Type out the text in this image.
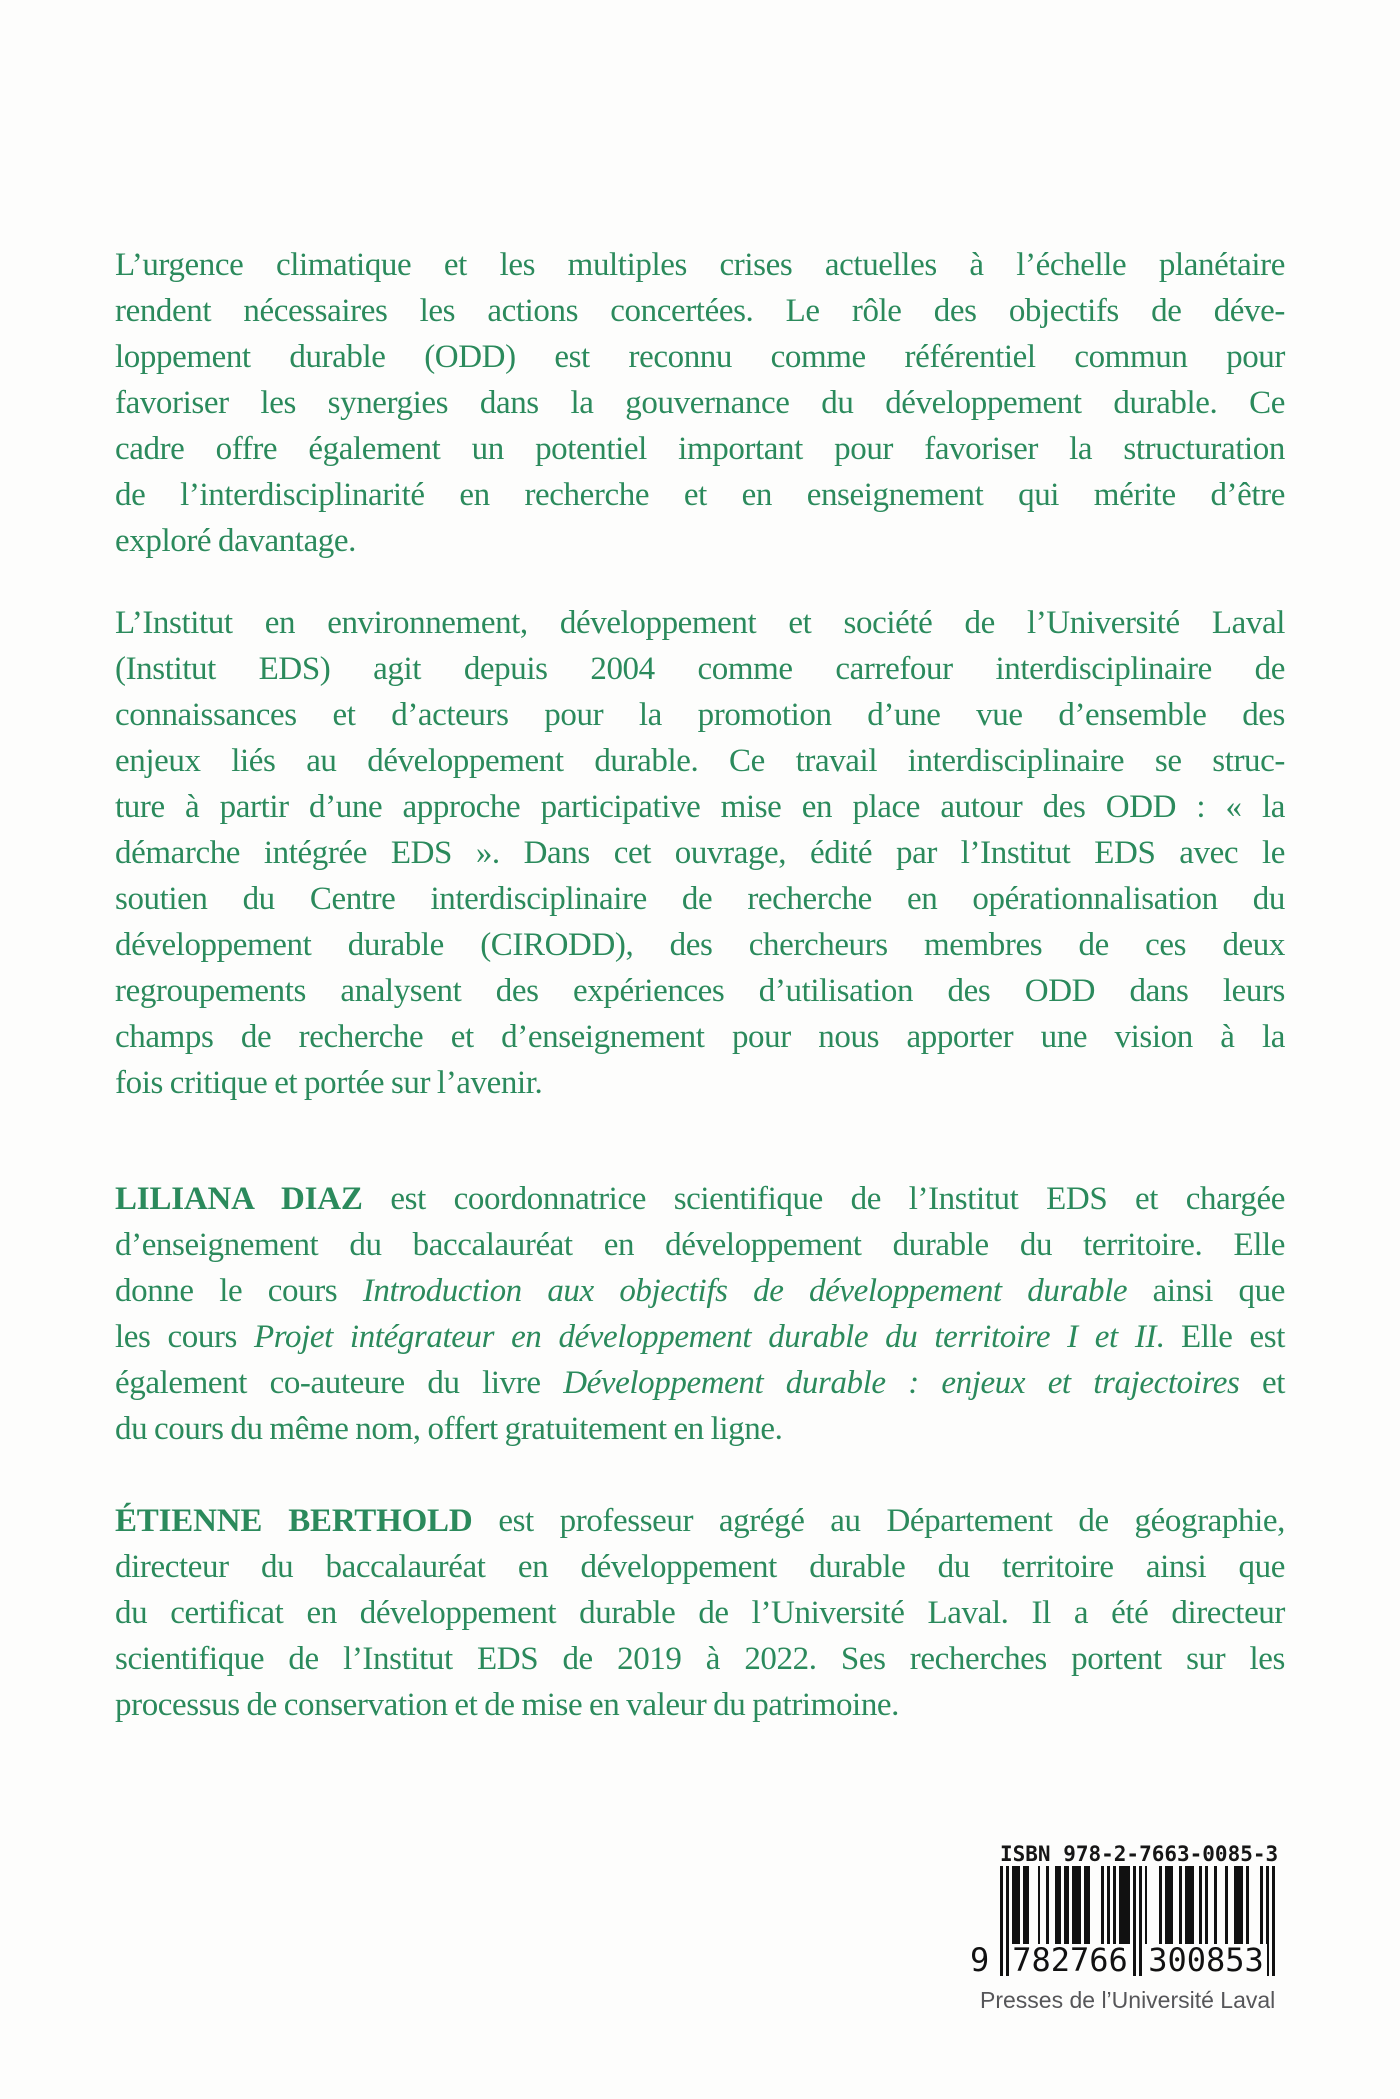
L’urgence climatique et les multiples crises actuelles à l’échelle planétaire
rendent nécessaires les actions concertées. Le rôle des objectifs de déve-
loppement durable (ODD) est reconnu comme référentiel commun pour
favoriser les synergies dans la gouvernance du développement durable. Ce
cadre offre également un potentiel important pour favoriser la structuration
de l’interdisciplinarité en recherche et en enseignement qui mérite d’être
exploré davantage.
L’Institut en environnement, développement et société de l’Université Laval
(Institut EDS) agit depuis 2004 comme carrefour interdisciplinaire de
connaissances et d’acteurs pour la promotion d’une vue d’ensemble des
enjeux liés au développement durable. Ce travail interdisciplinaire se struc-
ture à partir d’une approche participative mise en place autour des ODD : « la
démarche intégrée EDS ». Dans cet ouvrage, édité par l’Institut EDS avec le
soutien du Centre interdisciplinaire de recherche en opérationnalisation du
développement durable (CIRODD), des chercheurs membres de ces deux
regroupements analysent des expériences d’utilisation des ODD dans leurs
champs de recherche et d’enseignement pour nous apporter une vision à la
fois critique et portée sur l’avenir.
LILIANA DIAZ est coordonnatrice scientifique de l’Institut EDS et chargée
d’enseignement du baccalauréat en développement durable du territoire. Elle
donne le cours Introduction aux objectifs de développement durable ainsi que
les cours Projet intégrateur en développement durable du territoire I et II. Elle est
également co-auteure du livre Développement durable : enjeux et trajectoires et
du cours du même nom, offert gratuitement en ligne.
ÉTIENNE BERTHOLD est professeur agrégé au Département de géographie,
directeur du baccalauréat en développement durable du territoire ainsi que
du certificat en développement durable de l’Université Laval. Il a été directeur
scientifique de l’Institut EDS de 2019 à 2022. Ses recherches portent sur les
processus de conservation et de mise en valeur du patrimoine.
ISBN 978-2-7663-0085-3
9 782766 300853
Presses de l’Université Laval
